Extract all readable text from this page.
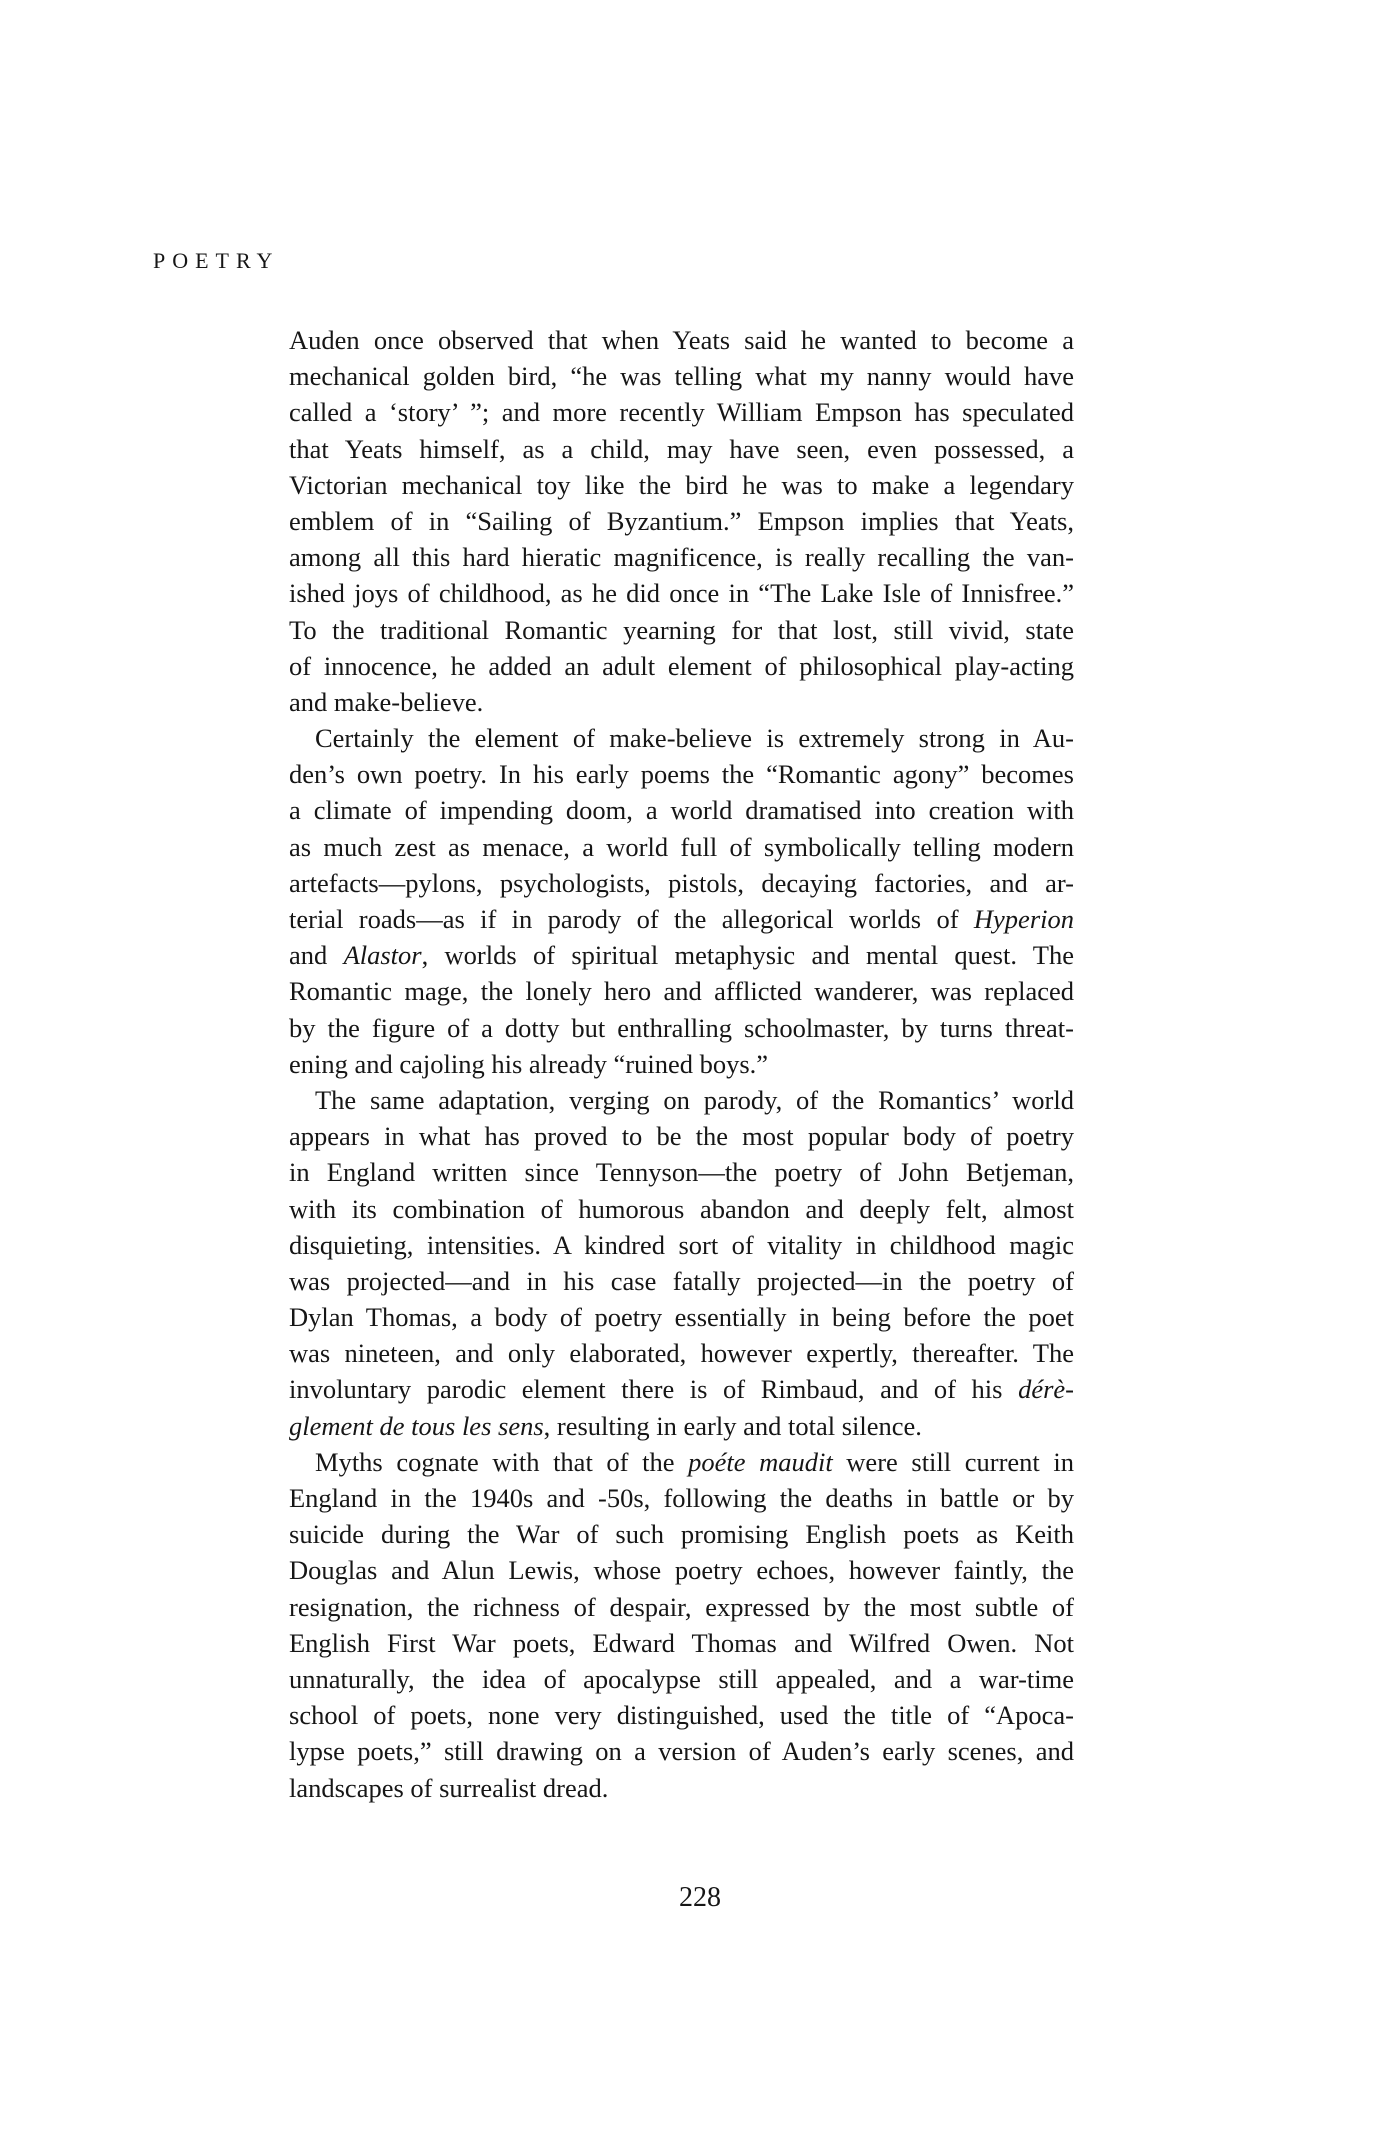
POETRY
Auden once observed that when Yeats said he wanted to become a
mechanical golden bird, “he was telling what my nanny would have
called a ‘story’ ”; and more recently William Empson has speculated
that Yeats himself, as a child, may have seen, even possessed, a
Victorian mechanical toy like the bird he was to make a legendary
emblem of in “Sailing of Byzantium.” Empson implies that Yeats,
among all this hard hieratic magnificence, is really recalling the van-
ished joys of childhood, as he did once in “The Lake Isle of Innisfree.”
To the traditional Romantic yearning for that lost, still vivid, state
of innocence, he added an adult element of philosophical play-acting
and make-believe.
Certainly the element of make-believe is extremely strong in Au-
den’s own poetry. In his early poems the “Romantic agony” becomes
a climate of impending doom, a world dramatised into creation with
as much zest as menace, a world full of symbolically telling modern
artefacts—pylons, psychologists, pistols, decaying factories, and ar-
terial roads—as if in parody of the allegorical worlds of Hyperion
and Alastor, worlds of spiritual metaphysic and mental quest. The
Romantic mage, the lonely hero and afflicted wanderer, was replaced
by the figure of a dotty but enthralling schoolmaster, by turns threat-
ening and cajoling his already “ruined boys.”
The same adaptation, verging on parody, of the Romantics’ world
appears in what has proved to be the most popular body of poetry
in England written since Tennyson—the poetry of John Betjeman,
with its combination of humorous abandon and deeply felt, almost
disquieting, intensities. A kindred sort of vitality in childhood magic
was projected—and in his case fatally projected—in the poetry of
Dylan Thomas, a body of poetry essentially in being before the poet
was nineteen, and only elaborated, however expertly, thereafter. The
involuntary parodic element there is of Rimbaud, and of his dérè-
glement de tous les sens, resulting in early and total silence.
Myths cognate with that of the poéte maudit were still current in
England in the 1940s and -50s, following the deaths in battle or by
suicide during the War of such promising English poets as Keith
Douglas and Alun Lewis, whose poetry echoes, however faintly, the
resignation, the richness of despair, expressed by the most subtle of
English First War poets, Edward Thomas and Wilfred Owen. Not
unnaturally, the idea of apocalypse still appealed, and a war-time
school of poets, none very distinguished, used the title of “Apoca-
lypse poets,” still drawing on a version of Auden’s early scenes, and
landscapes of surrealist dread.
228
